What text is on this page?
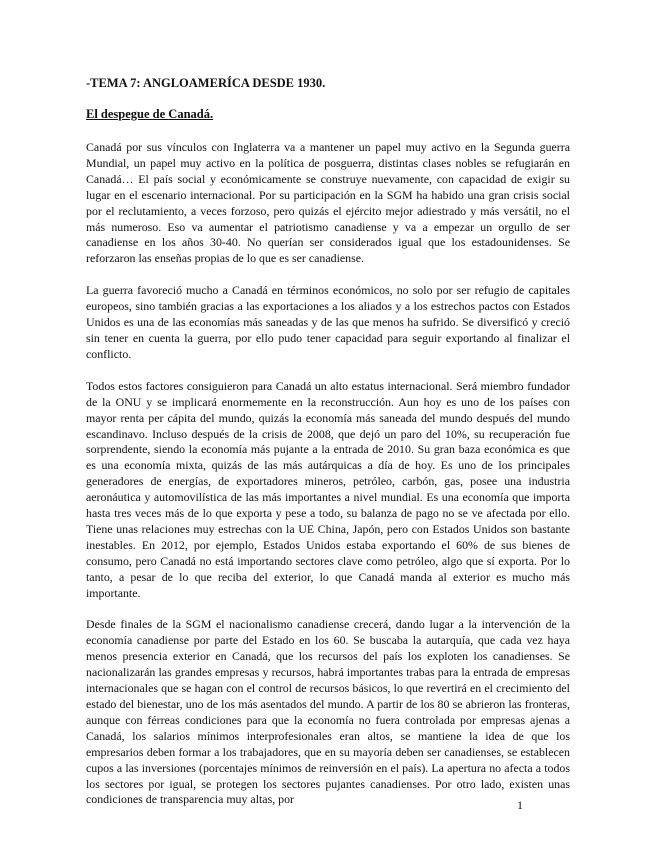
-TEMA 7: ANGLOAMERÍCA DESDE 1930.
El despegue de Canadá.

Canadá por sus vínculos con Inglaterra va a mantener un papel muy activo en la Segunda guerra Mundial, un papel muy activo en la política de posguerra, distintas clases nobles se refugiarán en Canadá… El país social y económicamente se construye nuevamente, con capacidad de exigir su lugar en el escenario internacional. Por su participación en la SGM ha habido una gran crisis social por el reclutamiento, a veces forzoso, pero quizás el ejército mejor adiestrado y más versátil, no el más numeroso. Eso va aumentar el patriotismo canadiense y va a empezar un orgullo de ser canadiense en los años 30-40. No querían ser considerados igual que los estadounidenses. Se reforzaron las enseñas propias de lo que es ser canadiense.

La guerra favoreció mucho a Canadá en términos económicos, no solo por ser refugio de capitales europeos, sino también gracias a las exportaciones a los aliados y a los estrechos pactos con Estados Unidos es una de las economías más saneadas y de las que menos ha sufrido. Se diversificó y creció sin tener en cuenta la guerra, por ello pudo tener capacidad para seguir exportando al finalizar el conflicto.

Todos estos factores consiguieron para Canadá un alto estatus internacional. Será miembro fundador de la ONU y se implicará enormemente en la reconstrucción. Aun hoy es uno de los países con mayor renta per cápita del mundo, quizás la economía más saneada del mundo después del mundo escandinavo. Incluso después de la crisis de 2008, que dejó un paro del 10%, su recuperación fue sorprendente, siendo la economía más pujante a la entrada de 2010. Su gran baza económica es que es una economía mixta, quizás de las más autárquicas a día de hoy. Es uno de los principales generadores de energías, de exportadores mineros, petróleo, carbón, gas, posee una industria aeronáutica y automovilística de las más importantes a nivel mundial. Es una economía que importa hasta tres veces más de lo que exporta y pese a todo, su balanza de pago no se ve afectada por ello. Tiene unas relaciones muy estrechas con la UE China, Japón, pero con Estados Unidos son bastante inestables. En 2012, por ejemplo, Estados Unidos estaba exportando el 60% de sus bienes de consumo, pero Canadá no está importando sectores clave como petróleo, algo que sí exporta. Por lo tanto, a pesar de lo que reciba del exterior, lo que Canadá manda al exterior es mucho más importante.

Desde finales de la SGM el nacionalismo canadiense crecerá, dando lugar a la intervención de la economía canadiense por parte del Estado en los 60. Se buscaba la autarquía, que cada vez haya menos presencia exterior en Canadá, que los recursos del país los exploten los canadienses. Se nacionalizarán las grandes empresas y recursos, habrá importantes trabas para la entrada de empresas internacionales que se hagan con el control de recursos básicos, lo que revertirá en el crecimiento del estado del bienestar, uno de los más asentados del mundo. A partir de los 80 se abrieron las fronteras, aunque con férreas condiciones para que la economía no fuera controlada por empresas ajenas a Canadá, los salarios mínimos interprofesionales eran altos, se mantiene la idea de que los empresarios deben formar a los trabajadores, que en su mayoría deben ser canadienses, se establecen cupos a las inversiones (porcentajes mínimos de reinversión en el país). La apertura no afecta a todos los sectores por igual, se protegen los sectores pujantes canadienses. Por otro lado, existen unas condiciones de transparencia muy altas, por	1
